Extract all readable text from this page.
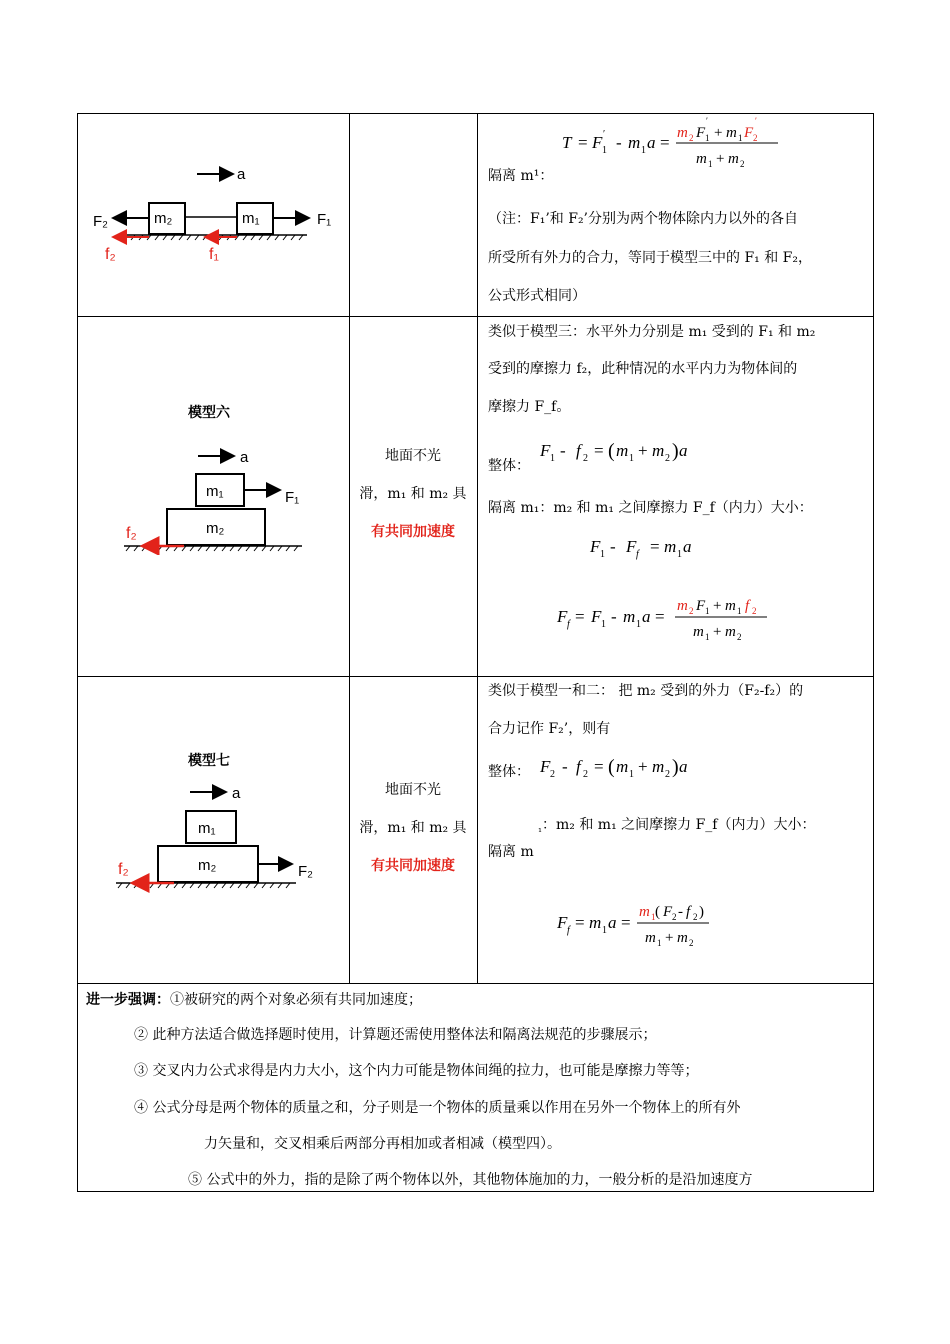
a
m₂	m₁
F₂	F₁
f₂	f₁
T = F 1
′ - m 1 a = m 2 F 1
′
+ m 1 F 2
′
m 1 + m 2
隔离 m¹：
（注：F₁’和 F₂’分别为两个物体除内力以外的各自
所受所有外力的合力，等同于模型三中的 F₁ 和 F₂，
公式形式相同）
模型六
a
m₁
m₂
F₁
f₂
地面不光
滑，m₁ 和 m₂ 具
有共同加速度
类似于模型三：水平外力分别是 m₁ 受到的 F₁ 和 m₂
受到的摩擦力 f₂，此种情况的水平内力为物体间的
摩擦力 F_f。
整体：
F 1 - f 2 = ( m 1 + m 2 ) a
隔离 m₁：m₂ 和 m₁ 之间摩擦力 F_f（内力）大小：
F 1 - F f = m 1 a
F f = F 1 - m 1 a =
m 2 F 1 + m 1 f 2
m 1 + m 2
模型七
a
m₁
m₂	F₂
f₂
地面不光
滑，m₁ 和 m₂ 具
有共同加速度
类似于模型一和二： 把 m₂ 受到的外力（F₂-f₂）的
合力记作 F₂’，则有
整体： F 2 - f 2 = ( m 1 + m 2 ) a
$_{_1}$：m₂ 和 m₁ 之间摩擦力 F_f（内力）大小：
隔离 m
F f = m 1 a =
m 1 ( F 2 - f 2 )
m 1 + m 2
进一步强调：①被研究的两个对象必须有共同加速度；
② 此种方法适合做选择题时使用，计算题还需使用整体法和隔离法规范的步骤展示；
③ 交叉内力公式求得是内力大小，这个内力可能是物体间绳的拉力，也可能是摩擦力等等；
④ 公式分母是两个物体的质量之和，分子则是一个物体的质量乘以作用在另外一个物体上的所有外
力矢量和，交叉相乘后两部分再相加或者相减（模型四）。
⑤ 公式中的外力，指的是除了两个物体以外，其他物体施加的力，一般分析的是沿加速度方
